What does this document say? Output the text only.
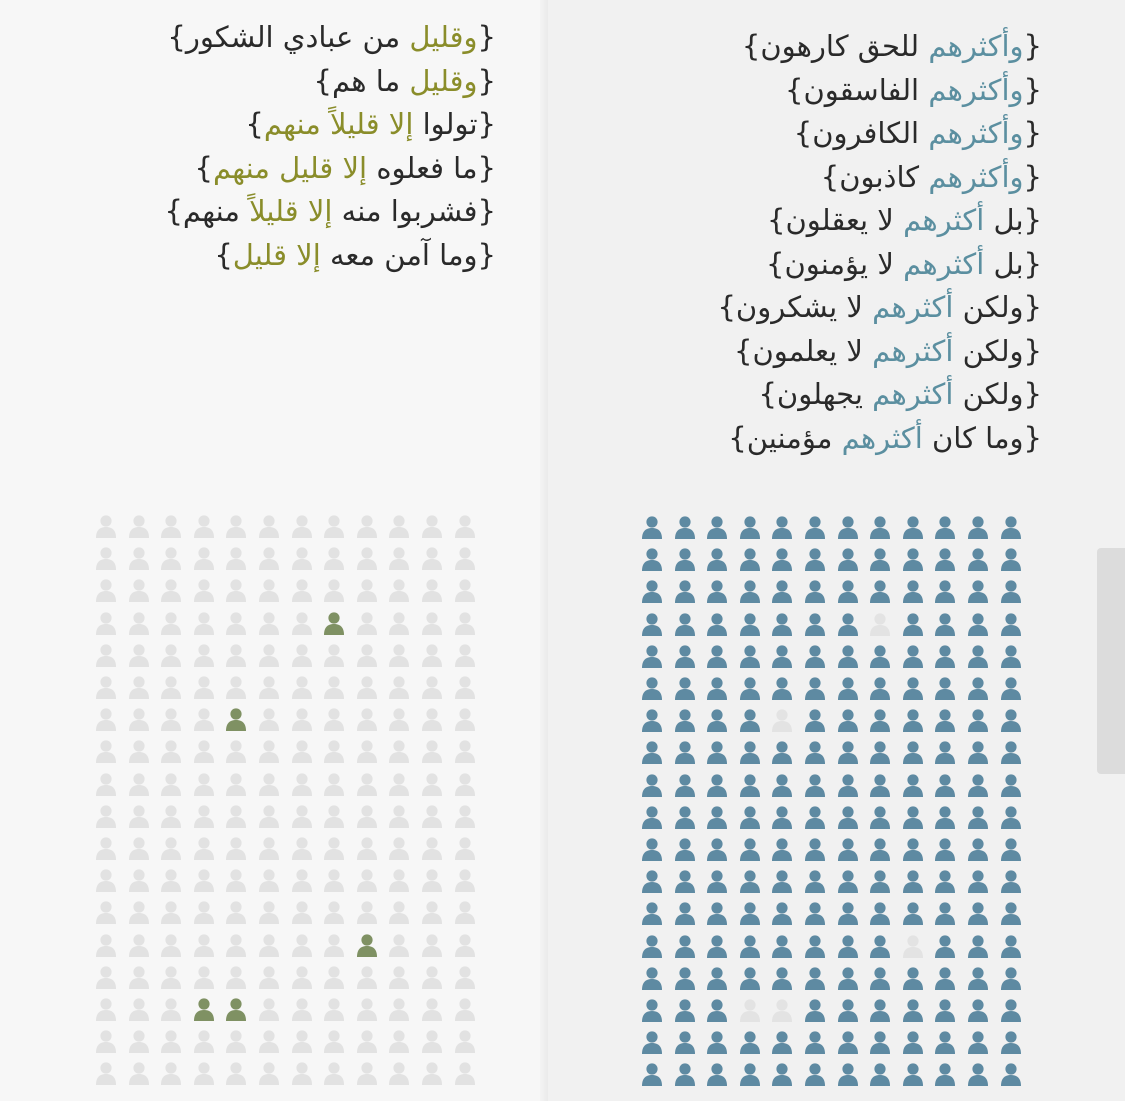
{وقليل من عبادي الشكور}
{وقليل ما هم}
{تولوا إلا قليلاً منهم}
{ما فعلوه إلا قليل منهم}
{فشربوا منه إلا قليلاً منهم}
{وما آمن معه إلا قليل}
{وأكثرهم للحق كارهون}
{وأكثرهم الفاسقون}
{وأكثرهم الكافرون}
{وأكثرهم كاذبون}
{بل أكثرهم لا يعقلون}
{بل أكثرهم لا يؤمنون}
{ولكن أكثرهم لا يشكرون}
{ولكن أكثرهم لا يعلمون}
{ولكن أكثرهم يجهلون}
{وما كان أكثرهم مؤمنين}
